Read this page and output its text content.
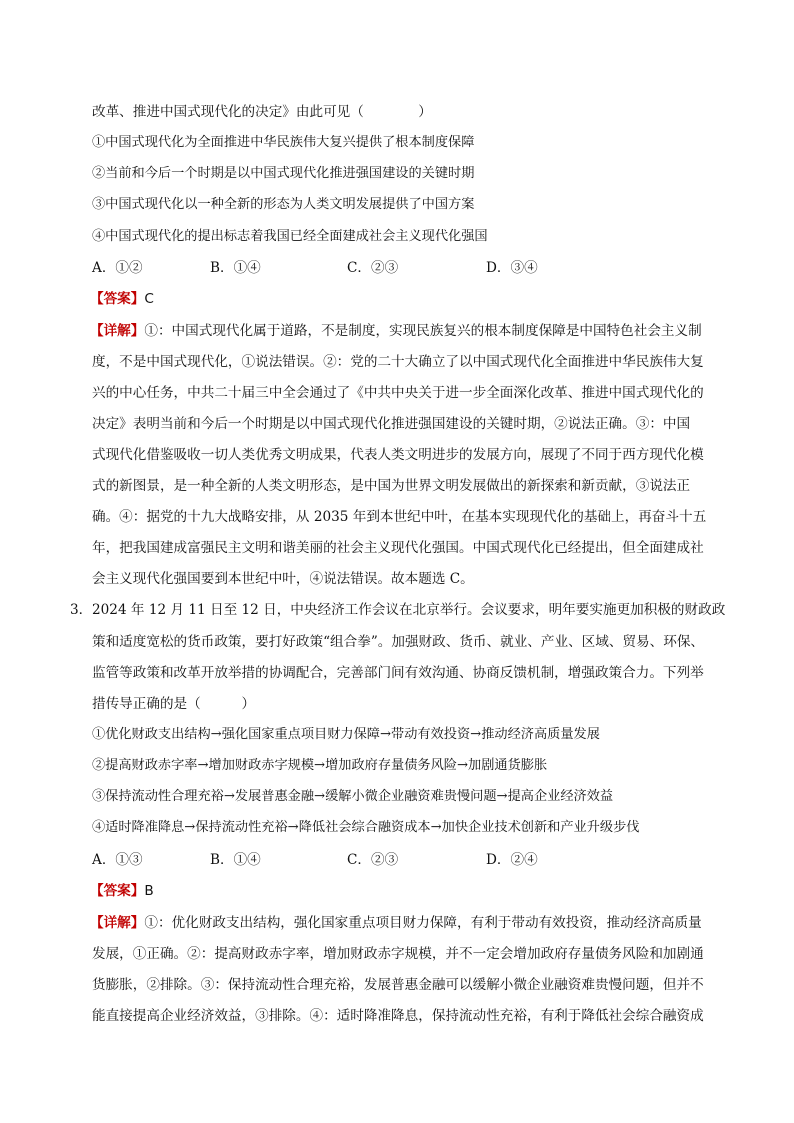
改革、推进中国式现代化的决定》由此可见（　　　　）
①中国式现代化为全面推进中华民族伟大复兴提供了根本制度保障
②当前和今后一个时期是以中国式现代化推进强国建设的关键时期
③中国式现代化以一种全新的形态为人类文明发展提供了中国方案
④中国式现代化的提出标志着我国已经全面建成社会主义现代化强国
A．①②	B．①④	C．②③	D．③④
【答案】C
【详解】①：中国式现代化属于道路，不是制度，实现民族复兴的根本制度保障是中国特色社会主义制
度，不是中国式现代化，①说法错误。②：党的二十大确立了以中国式现代化全面推进中华民族伟大复
兴的中心任务，中共二十届三中全会通过了《中共中央关于进一步全面深化改革、推进中国式现代化的
决定》表明当前和今后一个时期是以中国式现代化推进强国建设的关键时期，②说法正确。③：中国
式现代化借鉴吸收一切人类优秀文明成果，代表人类文明进步的发展方向，展现了不同于西方现代化模
式的新图景，是一种全新的人类文明形态，是中国为世界文明发展做出的新探索和新贡献，③说法正
确。④：据党的十九大战略安排，从 2035 年到本世纪中叶，在基本实现现代化的基础上，再奋斗十五
年，把我国建成富强民主文明和谐美丽的社会主义现代化强国。中国式现代化已经提出，但全面建成社
会主义现代化强国要到本世纪中叶，④说法错误。故本题选 C。
3． 2024 年 12 月 11 日至 12 日，中央经济工作会议在北京举行。会议要求，明年要实施更加积极的财政政
策和适度宽松的货币政策，要打好政策“组合拳”。加强财政、货币、就业、产业、区域、贸易、环保、
监管等政策和改革开放举措的协调配合，完善部门间有效沟通、协商反馈机制，增强政策合力。下列举
措传导正确的是（　　　）
①优化财政支出结构→强化国家重点项目财力保障→带动有效投资→推动经济高质量发展
②提高财政赤字率→增加财政赤字规模→增加政府存量债务风险→加剧通货膨胀
③保持流动性合理充裕→发展普惠金融→缓解小微企业融资难贵慢问题→提高企业经济效益
④适时降准降息→保持流动性充裕→降低社会综合融资成本→加快企业技术创新和产业升级步伐
A．①③	B．①④	C．②③	D．②④
【答案】B
【详解】①：优化财政支出结构，强化国家重点项目财力保障，有利于带动有效投资，推动经济高质量
发展，①正确。②：提高财政赤字率，增加财政赤字规模，并不一定会增加政府存量债务风险和加剧通
货膨胀，②排除。③：保持流动性合理充裕，发展普惠金融可以缓解小微企业融资难贵慢问题，但并不
能直接提高企业经济效益，③排除。④：适时降准降息，保持流动性充裕，有利于降低社会综合融资成
